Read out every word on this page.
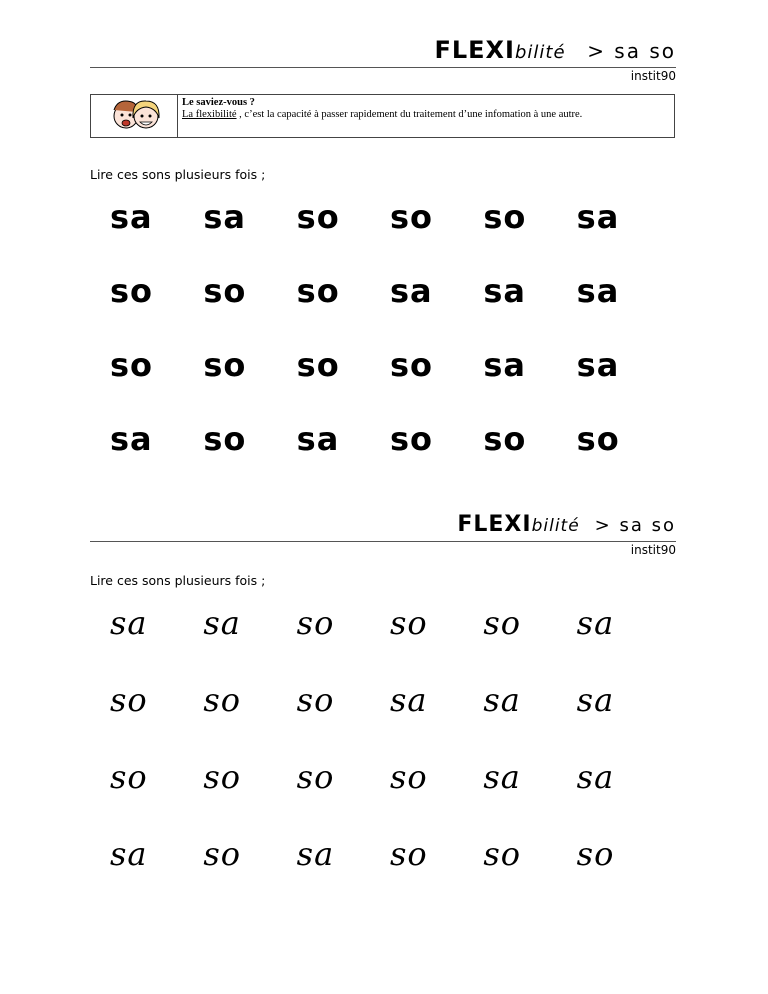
FLEXIbilité > sa so
instit90
Le saviez-vous ?
La flexibilité , c’est la capacité à passer rapidement du traitement d’une infomation à une autre.
Lire ces sons plusieurs fois ;
sa	sa	so	so	so	sa
so	so	so	sa	sa	sa
so	so	so	so	sa	sa
sa	so	sa	so	so	so
FLEXIbilité > sa so
instit90
Lire ces sons plusieurs fois ;
sa	sa	so	so	so	sa
so	so	so	sa	sa	sa
so	so	so	so	sa	sa
sa	so	sa	so	so	so
